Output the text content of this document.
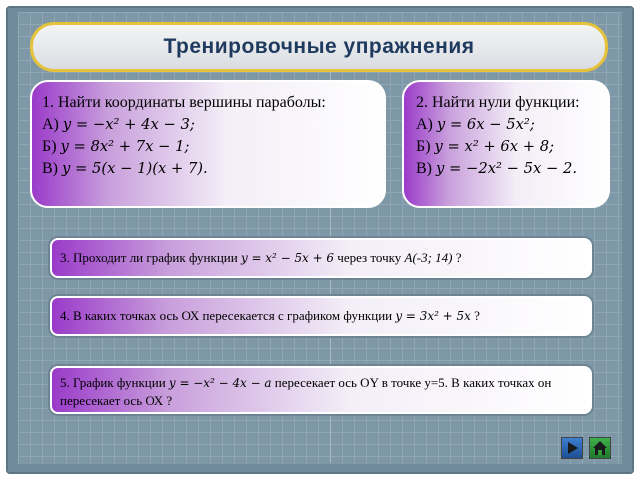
Тренировочные упражнения
1. Найти координаты вершины параболы:
А) y = −x² + 4x − 3;
Б) y = 8x² + 7x − 1;
В) y = 5(x − 1)(x + 7).
2. Найти нули функции:
А) y = 6x − 5x²;
Б) y = x² + 6x + 8;
В) y = −2x² − 5x − 2.
3. Проходит ли график функции y = x² − 5x + 6 через точку А(-3; 14) ?
4. В каких точках ось ОХ пересекается с графиком функции y = 3x² + 5x ?
5. График функции y = −x² − 4x − a пересекает ось OY в точке y=5. В каких точках он пересекает ось ОХ ?
